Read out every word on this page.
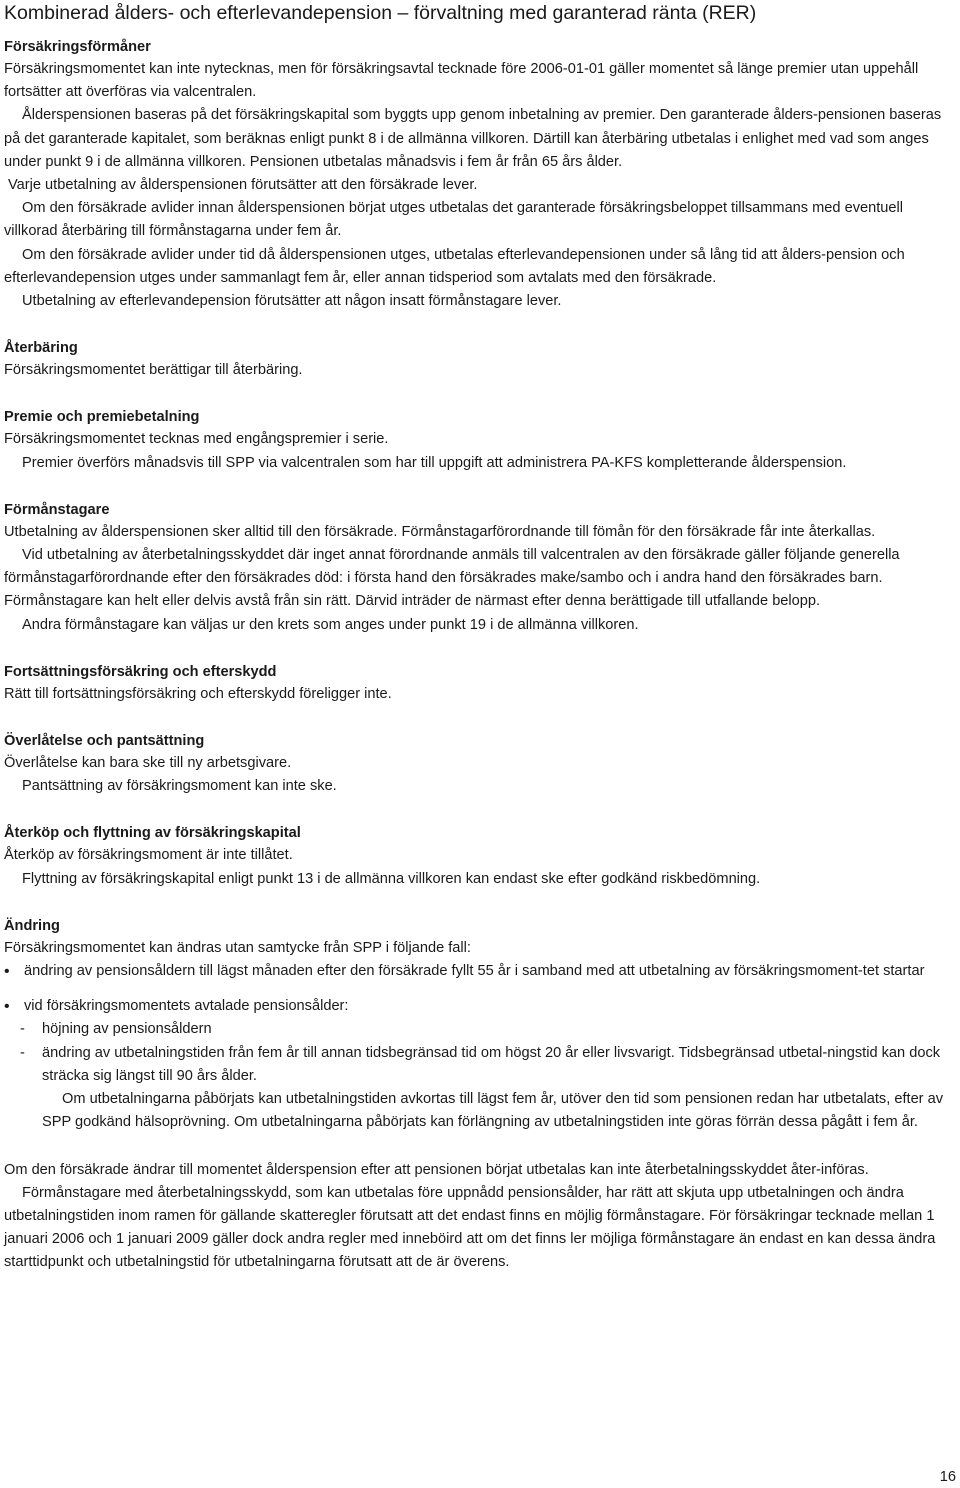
Kombinerad ålders- och efterlevandepension – förvaltning med garanterad ränta (RER)
Försäkringsförmåner

Försäkringsmomentet kan inte nytecknas, men för försäkringsavtal tecknade före 2006-01-01 gäller momentet så länge premier utan uppehåll fortsätter att överföras via valcentralen.

Ålderspensionen baseras på det försäkringskapital som byggts upp genom inbetalning av premier. Den garanterade ålders-pensionen baseras på det garanterade kapitalet, som beräknas enligt punkt 8 i de allmänna villkoren. Därtill kan återbäring utbetalas i enlighet med vad som anges under punkt 9 i de allmänna villkoren. Pensionen utbetalas månadsvis i fem år från 65 års ålder.

Varje utbetalning av ålderspensionen förutsätter att den försäkrade lever.

Om den försäkrade avlider innan ålderspensionen börjat utges utbetalas det garanterade försäkringsbeloppet tillsammans med eventuell villkorad återbäring till förmånstagarna under fem år.

Om den försäkrade avlider under tid då ålderspensionen utges, utbetalas efterlevandepensionen under så lång tid att ålders-pension och efterlevandepension utges under sammanlagt fem år, eller annan tidsperiod som avtalats med den försäkrade.

Utbetalning av efterlevandepension förutsätter att någon insatt förmånstagare lever.

Återbäring

Försäkringsmomentet berättigar till återbäring.

Premie och premiebetalning

Försäkringsmomentet tecknas med engångspremier i serie.

Premier överförs månadsvis till SPP via valcentralen som har till uppgift att administrera PA-KFS kompletterande ålderspension.

Förmånstagare

Utbetalning av ålderspensionen sker alltid till den försäkrade. Förmånstagarförordnande till fömån för den försäkrade får inte återkallas.

Vid utbetalning av återbetalningsskyddet där inget annat förordnande anmäls till valcentralen av den försäkrade gäller följande generella förmånstagarförordnande efter den försäkrades död: i första hand den försäkrades make/sambo och i andra hand den försäkrades barn. Förmånstagare kan helt eller delvis avstå från sin rätt. Därvid inträder de närmast efter denna berättigade till utfallande belopp.

Andra förmånstagare kan väljas ur den krets som anges under punkt 19 i de allmänna villkoren.

Fortsättningsförsäkring och efterskydd

Rätt till fortsättningsförsäkring och efterskydd föreligger inte.

Överlåtelse och pantsättning

Överlåtelse kan bara ske till ny arbetsgivare.

Pantsättning av försäkringsmoment kan inte ske.

Återköp och flyttning av försäkringskapital

Återköp av försäkringsmoment är inte tillåtet.

Flyttning av försäkringskapital enligt punkt 13 i de allmänna villkoren kan endast ske efter godkänd riskbedömning.

Ändring

Försäkringsmomentet kan ändras utan samtycke från SPP i följande fall:

• ändring av pensionsåldern till lägst månaden efter den försäkrade fyllt 55 år i samband med att utbetalning av försäkringsmoment-tet startar
• vid försäkringsmomentets avtalade pensionsålder:
- höjning av pensionsåldern
- ändring av utbetalningstiden från fem år till annan tidsbegränsad tid om högst 20 år eller livsvarigt. Tidsbegränsad utbetal-ningstid kan dock sträcka sig längst till 90 års ålder.
Om utbetalningarna påbörjats kan utbetalningstiden avkortas till lägst fem år, utöver den tid som pensionen redan har utbetalats, efter av SPP godkänd hälsoprövning. Om utbetalningarna påbörjats kan förlängning av utbetalningstiden inte göras förrän dessa pågått i fem år.

Om den försäkrade ändrar till momentet ålderspension efter att pensionen börjat utbetalas kan inte återbetalningsskyddet åter-införas.

Förmånstagare med återbetalningsskydd, som kan utbetalas före uppnådd pensionsålder, har rätt att skjuta upp utbetalningen och ändra utbetalningstiden inom ramen för gällande skatteregler förutsatt att det endast finns en möjlig förmånstagare. För försäkringar tecknade mellan 1 januari 2006 och 1 januari 2009 gäller dock andra regler med inneböird att om det finns ler möjliga förmånstagare än endast en kan dessa ändra starttidpunkt och utbetalningstid för utbetalningarna förutsatt att de är överens.

16
